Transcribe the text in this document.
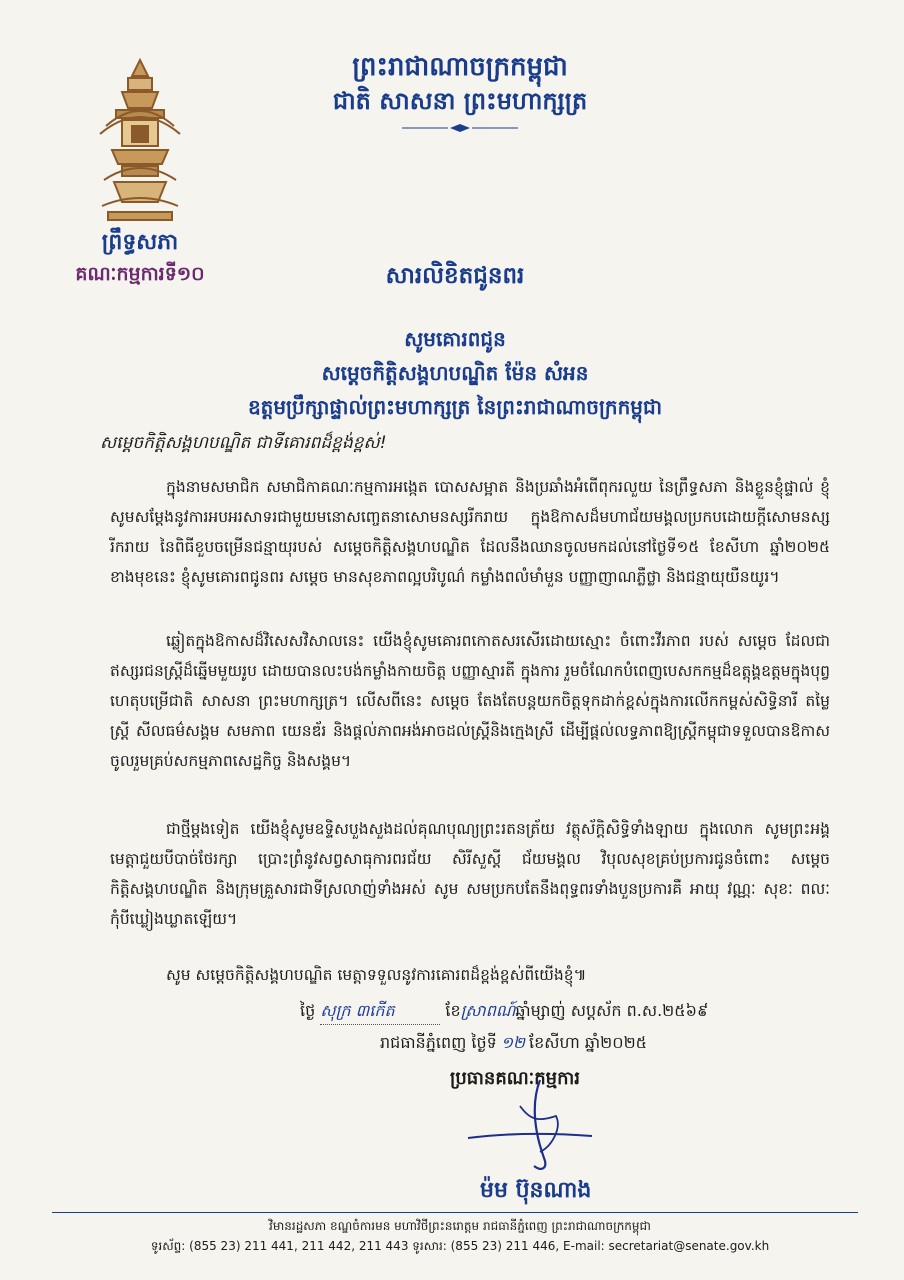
ព្រះរាជាណាចក្រកម្ពុជា
ជាតិ សាសនា ព្រះមហាក្សត្រ
ព្រឹទ្ធសភា
គណៈកម្មការទី១០	សារលិខិតជូនពរ
សូមគោរពជូន
សម្តេចកិត្តិសង្គហបណ្ឌិត ម៉ែន សំអន
ឧត្តមប្រឹក្សាផ្ទាល់ព្រះមហាក្សត្រ នៃព្រះរាជាណាចក្រកម្ពុជា
សម្តេចកិត្តិសង្គហបណ្ឌិត ជាទីគោរពដ៏ខ្ពង់ខ្ពស់!
ក្នុងនាមសមាជិក សមាជិកាគណៈកម្មការអង្កេត បោសសម្អាត និងប្រឆាំងអំពើពុករលួយ នៃព្រឹទ្ធសភា និងខ្លួនខ្ញុំផ្ទាល់ ខ្ញុំសូមសម្តែងនូវការអបអរសាទរជាមួយមនោសញ្ចេតនាសោមនស្សរីករាយ ក្នុងឱកាសដ៏មហាជ័យមង្គលប្រកបដោយក្តីសោមនស្សរីករាយ នៃពិធីខួបចម្រើនជន្មាយុរបស់ សម្តេចកិត្តិសង្គហបណ្ឌិត ដែលនឹងឈានចូលមកដល់នៅថ្ងៃទី១៥ ខែសីហា ឆ្នាំ២០២៥ ខាងមុខនេះ ខ្ញុំសូមគោរពជូនពរ សម្តេច មានសុខភាពល្អបរិបូណ៌ កម្លាំងពលំមាំមួន បញ្ញាញាណភ្លឺថ្លា និងជន្មាយុយឺនយូរ។
ឆ្លៀតក្នុងឱកាសដ៏វិសេសវិសាលនេះ យើងខ្ញុំសូមគោរពកោតសរសើរដោយស្មោះ ចំពោះវីរភាព របស់ សម្តេច ដែលជាឥស្សរជនស្ត្រីដ៏ឆ្នើមមួយរូប ដោយបានលះបង់កម្លាំងកាយចិត្ត បញ្ញាស្មារតី ក្នុងការ រួមចំណែកបំពេញបេសកកម្មដ៏ឧត្តុង្គឧត្តមក្នុងបុព្វហេតុបម្រើជាតិ សាសនា ព្រះមហាក្សត្រ។ លើសពីនេះ សម្តេច តែងតែបន្តយកចិត្តទុកដាក់ខ្ពស់ក្នុងការលើកកម្ពស់សិទ្ធិនារី តម្លៃស្ត្រី សីលធម៌សង្គម សមភាព យេនឌ័រ និងផ្តល់ភាពអង់អាចដល់ស្ត្រីនិងក្មេងស្រី ដើម្បីផ្តល់លទ្ធភាពឱ្យស្ត្រីកម្ពុជាទទួលបានឱកាស ចូលរួមគ្រប់សកម្មភាពសេដ្ឋកិច្ច និងសង្គម។
ជាថ្មីម្តងទៀត យើងខ្ញុំសូមឧទ្ទិសបួងសួងដល់គុណបុណ្យព្រះរតនត្រ័យ វត្ថុស័ក្តិសិទ្ធិទាំងឡាយ ក្នុងលោក សូមព្រះអង្គមេត្តាជួយបីបាច់ថែរក្សា ប្រោះព្រំនូវសព្វសាធុការពរជ័យ សិរីសួស្តី ជ័យមង្គល វិបុលសុខគ្រប់ប្រការជូនចំពោះ សម្តេចកិត្តិសង្គហបណ្ឌិត និងក្រុមគ្រួសារជាទីស្រលាញ់ទាំងអស់ សូម សមប្រកបតែនឹងពុទ្ធពរទាំងបួនប្រការគឺ អាយុ វណ្ណៈ សុខៈ ពលៈ កុំបីឃ្លៀងឃ្លាតឡើយ។
សូម សម្តេចកិត្តិសង្គហបណ្ឌិត មេត្តាទទួលនូវការគោរពដ៏ខ្ពង់ខ្ពស់ពីយើងខ្ញុំ៕
ថ្ងៃ សុក្រ ៣កើត	ខែស្រាពណ៍ឆ្នាំម្សាញ់ សប្តស័ក ព.ស.២៥៦៩
រាជធានីភ្នំពេញ ថ្ងៃទី ១២ ខែសីហា ឆ្នាំ២០២៥
ប្រធានគណៈកម្មការ
ម៉ម ប៊ុនណាង
វិមានរដ្ឋសភា ខណ្ឌចំការមន មហាវិថីព្រះនរោត្តម រាជធានីភ្នំពេញ ព្រះរាជាណាចក្រកម្ពុជា
ទូរស័ព្ទ: (855 23) 211 441, 211 442, 211 443 ទូរសារ: (855 23) 211 446, E-mail: secretariat@senate.gov.kh
